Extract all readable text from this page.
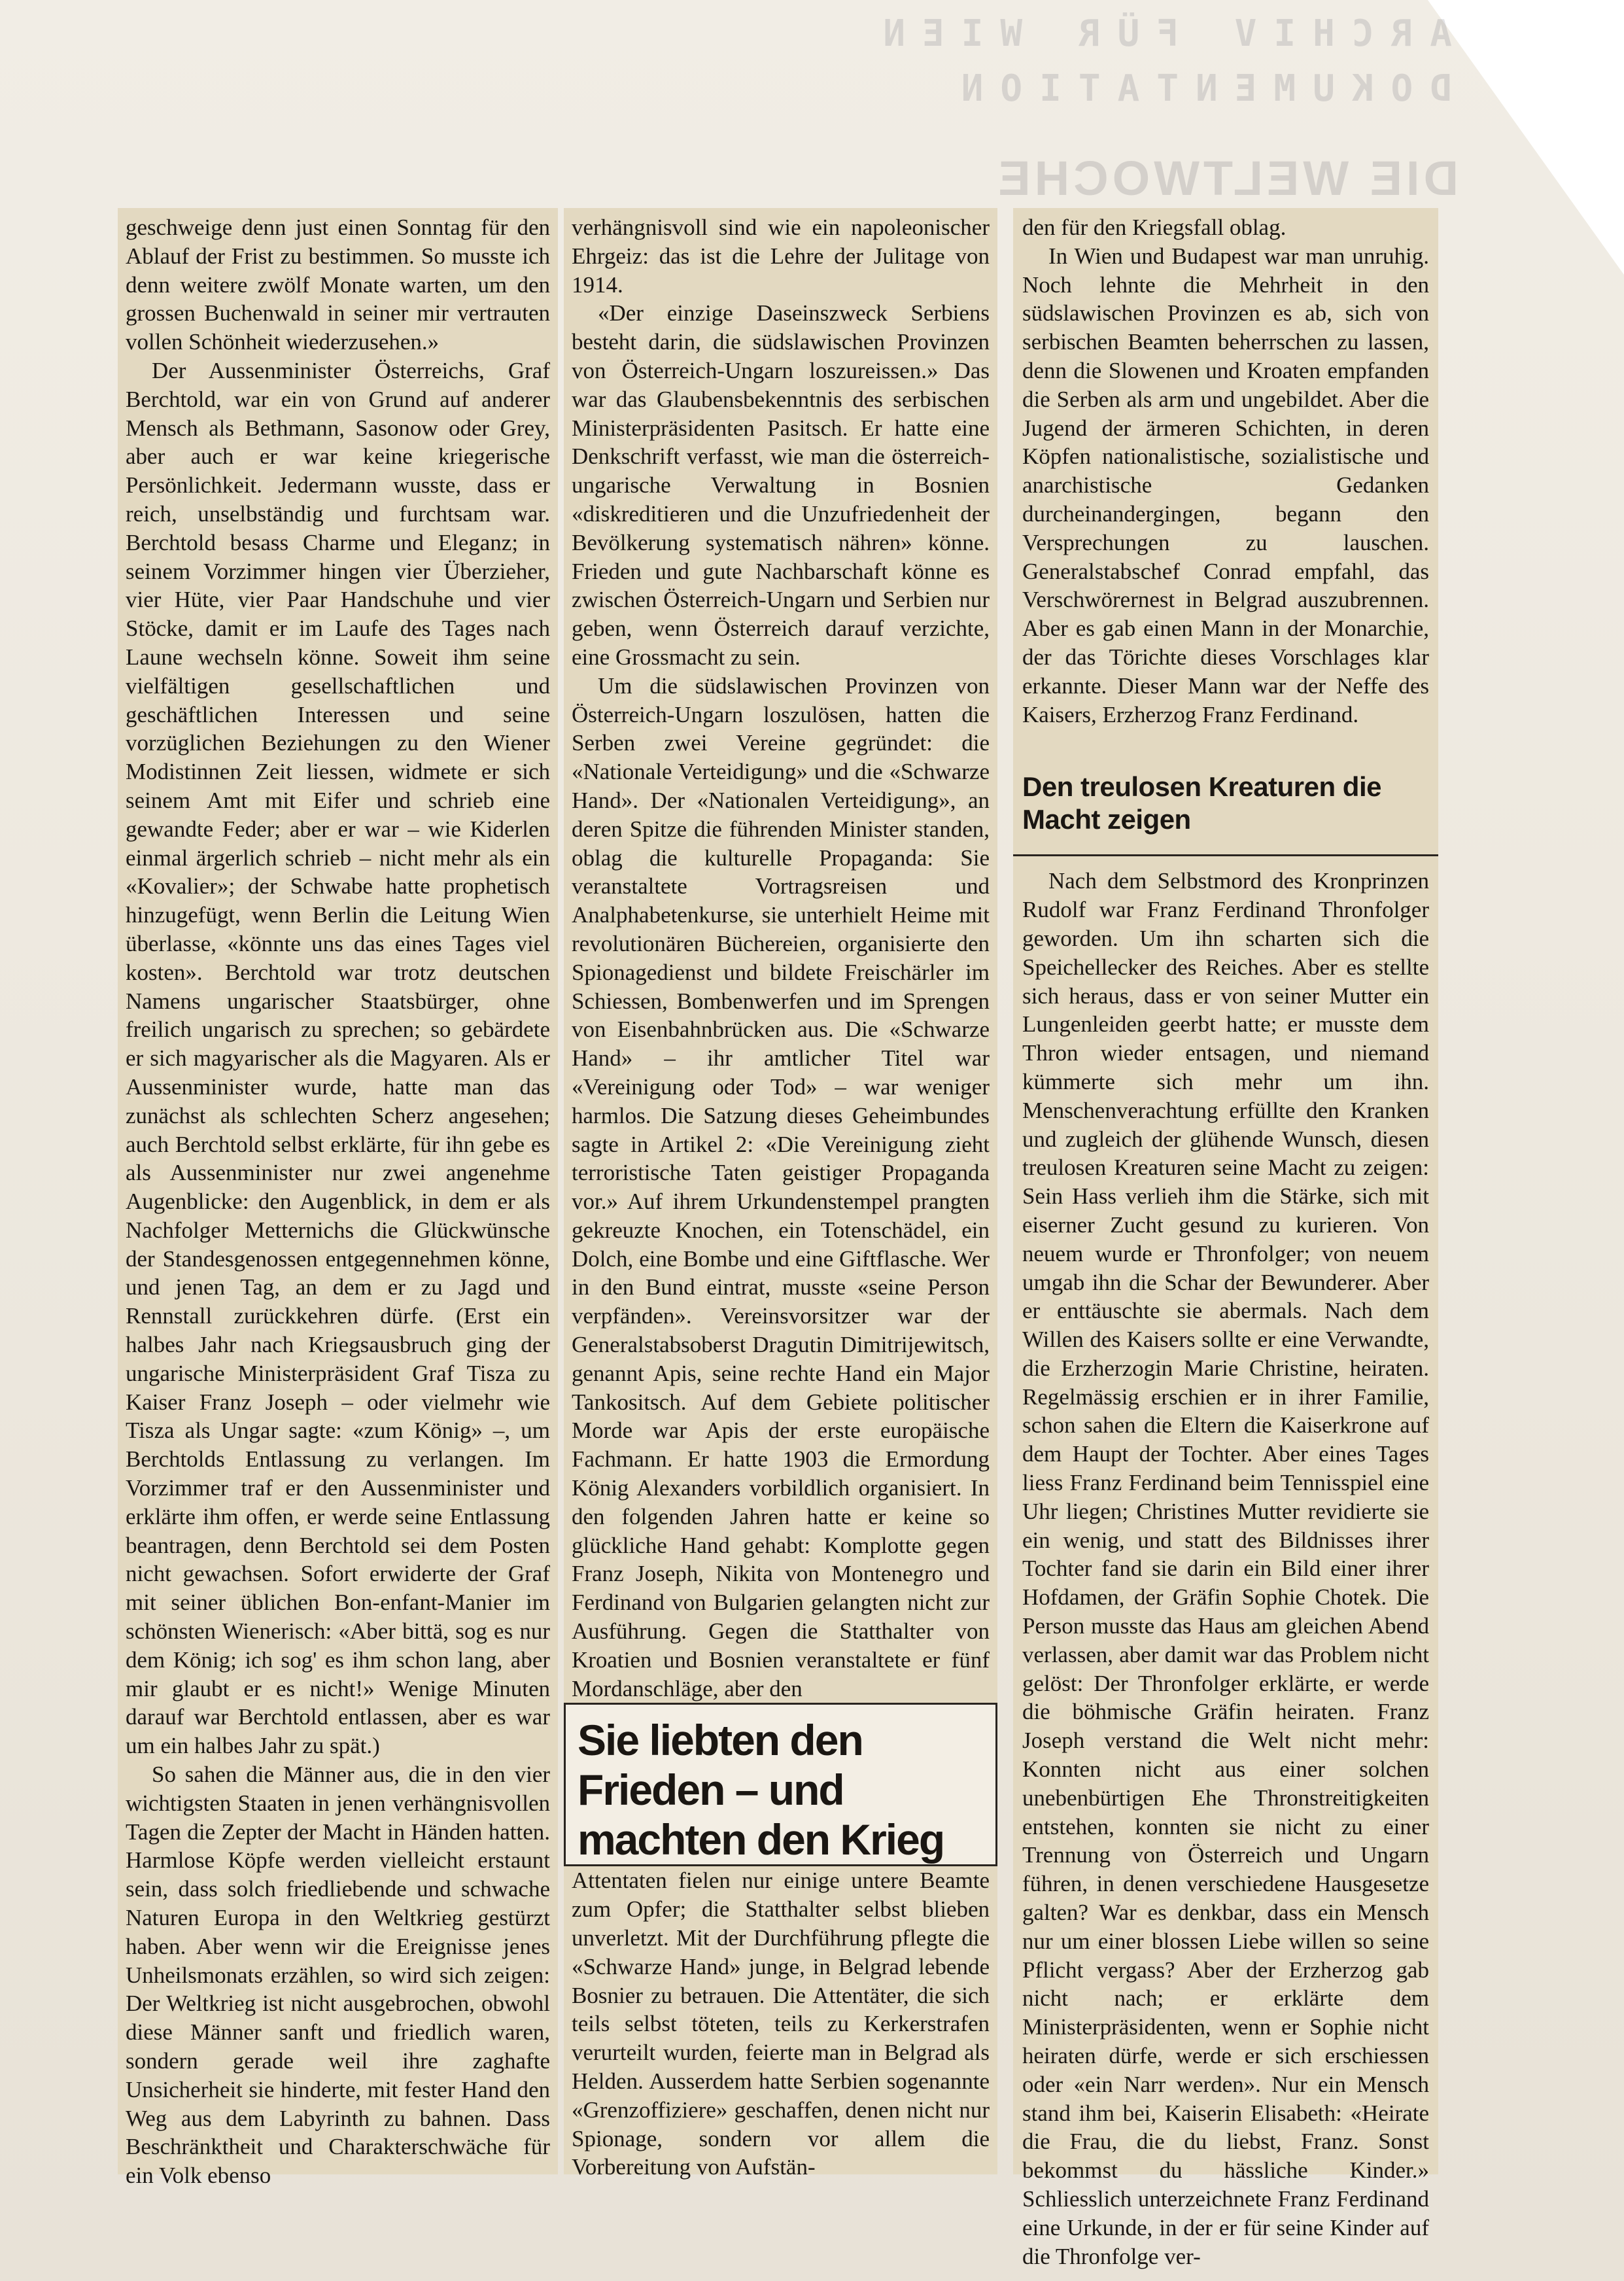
ARCHIV FÜR WIEN
DOKUMENTATION
DIE WELTWOCHE

geschweige denn just einen Sonntag für den Ablauf der Frist zu bestimmen. So musste ich denn weitere zwölf Monate warten, um den grossen Buchenwald in seiner mir vertrauten vollen Schönheit wiederzusehen.»

Der Aussenminister Österreichs, Graf Berchtold, war ein von Grund auf anderer Mensch als Bethmann, Sasonow oder Grey, aber auch er war keine kriegerische Persönlichkeit. Jedermann wusste, dass er reich, unselbständig und furchtsam war. Berchtold besass Charme und Eleganz; in seinem Vorzimmer hingen vier Überzieher, vier Hüte, vier Paar Handschuhe und vier Stöcke, damit er im Laufe des Tages nach Laune wechseln könne. Soweit ihm seine vielfältigen gesellschaftlichen und geschäftlichen Interessen und seine vorzüglichen Beziehungen zu den Wiener Modistinnen Zeit liessen, widmete er sich seinem Amt mit Eifer und schrieb eine gewandte Feder; aber er war – wie Kiderlen einmal ärgerlich schrieb – nicht mehr als ein «Kovalier»; der Schwabe hatte prophetisch hinzugefügt, wenn Berlin die Leitung Wien überlasse, «könnte uns das eines Tages viel kosten». Berchtold war trotz deutschen Namens ungarischer Staatsbürger, ohne freilich ungarisch zu sprechen; so gebärdete er sich magyarischer als die Magyaren. Als er Aussenminister wurde, hatte man das zunächst als schlechten Scherz angesehen; auch Berchtold selbst erklärte, für ihn gebe es als Aussenminister nur zwei angenehme Augenblicke: den Augenblick, in dem er als Nachfolger Metternichs die Glückwünsche der Standesgenossen entgegennehmen könne, und jenen Tag, an dem er zu Jagd und Rennstall zurückkehren dürfe. (Erst ein halbes Jahr nach Kriegsausbruch ging der ungarische Ministerpräsident Graf Tisza zu Kaiser Franz Joseph – oder vielmehr wie Tisza als Ungar sagte: «zum König» –, um Berchtolds Entlassung zu verlangen. Im Vorzimmer traf er den Aussenminister und erklärte ihm offen, er werde seine Entlassung beantragen, denn Berchtold sei dem Posten nicht gewachsen. Sofort erwiderte der Graf mit seiner üblichen Bon-enfant-Manier im schönsten Wienerisch: «Aber bittä, sog es nur dem König; ich sog' es ihm schon lang, aber mir glaubt er es nicht!» Wenige Minuten darauf war Berchtold entlassen, aber es war um ein halbes Jahr zu spät.)

So sahen die Männer aus, die in den vier wichtigsten Staaten in jenen verhängnisvollen Tagen die Zepter der Macht in Händen hatten. Harmlose Köpfe werden vielleicht erstaunt sein, dass solch friedliebende und schwache Naturen Europa in den Weltkrieg gestürzt haben. Aber wenn wir die Ereignisse jenes Unheilsmonats erzählen, so wird sich zeigen: Der Weltkrieg ist nicht ausgebrochen, obwohl diese Männer sanft und friedlich waren, sondern gerade weil ihre zaghafte Unsicherheit sie hinderte, mit fester Hand den Weg aus dem Labyrinth zu bahnen. Dass Beschränktheit und Charakterschwäche für ein Volk ebenso

verhängnisvoll sind wie ein napoleonischer Ehrgeiz: das ist die Lehre der Julitage von 1914.

«Der einzige Daseinszweck Serbiens besteht darin, die südslawischen Provinzen von Österreich-Ungarn loszureissen.» Das war das Glaubensbekenntnis des serbischen Ministerpräsidenten Pasitsch. Er hatte eine Denkschrift verfasst, wie man die österreich-ungarische Verwaltung in Bosnien «diskreditieren und die Unzufriedenheit der Bevölkerung systematisch nähren» könne. Frieden und gute Nachbarschaft könne es zwischen Österreich-Ungarn und Serbien nur geben, wenn Österreich darauf verzichte, eine Grossmacht zu sein.

Um die südslawischen Provinzen von Österreich-Ungarn loszulösen, hatten die Serben zwei Vereine gegründet: die «Nationale Verteidigung» und die «Schwarze Hand». Der «Nationalen Verteidigung», an deren Spitze die führenden Minister standen, oblag die kulturelle Propaganda: Sie veranstaltete Vortragsreisen und Analphabetenkurse, sie unterhielt Heime mit revolutionären Büchereien, organisierte den Spionagedienst und bildete Freischärler im Schiessen, Bombenwerfen und im Sprengen von Eisenbahnbrücken aus. Die «Schwarze Hand» – ihr amtlicher Titel war «Vereinigung oder Tod» – war weniger harmlos. Die Satzung dieses Geheimbundes sagte in Artikel 2: «Die Vereinigung zieht terroristische Taten geistiger Propaganda vor.» Auf ihrem Urkundenstempel prangten gekreuzte Knochen, ein Totenschädel, ein Dolch, eine Bombe und eine Giftflasche. Wer in den Bund eintrat, musste «seine Person verpfänden». Vereinsvorsitzer war der Generalstabsoberst Dragutin Dimitrijewitsch, genannt Apis, seine rechte Hand ein Major Tankositsch. Auf dem Gebiete politischer Morde war Apis der erste europäische Fachmann. Er hatte 1903 die Ermordung König Alexanders vorbildlich organisiert. In den folgenden Jahren hatte er keine so glückliche Hand gehabt: Komplotte gegen Franz Joseph, Nikita von Montenegro und Ferdinand von Bulgarien gelangten nicht zur Ausführung. Gegen die Statthalter von Kroatien und Bosnien veranstaltete er fünf Mordanschläge, aber den

Sie liebten den Frieden – und machten den Krieg

Attentaten fielen nur einige untere Beamte zum Opfer; die Statthalter selbst blieben unverletzt. Mit der Durchführung pflegte die «Schwarze Hand» junge, in Belgrad lebende Bosnier zu betrauen. Die Attentäter, die sich teils selbst töteten, teils zu Kerkerstrafen verurteilt wurden, feierte man in Belgrad als Helden. Ausserdem hatte Serbien sogenannte «Grenzoffiziere» geschaffen, denen nicht nur Spionage, sondern vor allem die Vorbereitung von Aufstän-

den für den Kriegsfall oblag.

In Wien und Budapest war man unruhig. Noch lehnte die Mehrheit in den südslawischen Provinzen es ab, sich von serbischen Beamten beherrschen zu lassen, denn die Slowenen und Kroaten empfanden die Serben als arm und ungebildet. Aber die Jugend der ärmeren Schichten, in deren Köpfen nationalistische, sozialistische und anarchistische Gedanken durcheinandergingen, begann den Versprechungen zu lauschen. Generalstabschef Conrad empfahl, das Verschwörernest in Belgrad auszubrennen. Aber es gab einen Mann in der Monarchie, der das Törichte dieses Vorschlages klar erkannte. Dieser Mann war der Neffe des Kaisers, Erzherzog Franz Ferdinand.

Den treulosen Kreaturen die Macht zeigen

Nach dem Selbstmord des Kronprinzen Rudolf war Franz Ferdinand Thronfolger geworden. Um ihn scharten sich die Speichellecker des Reiches. Aber es stellte sich heraus, dass er von seiner Mutter ein Lungenleiden geerbt hatte; er musste dem Thron wieder entsagen, und niemand kümmerte sich mehr um ihn. Menschenverachtung erfüllte den Kranken und zugleich der glühende Wunsch, diesen treulosen Kreaturen seine Macht zu zeigen: Sein Hass verlieh ihm die Stärke, sich mit eiserner Zucht gesund zu kurieren. Von neuem wurde er Thronfolger; von neuem umgab ihn die Schar der Bewunderer. Aber er enttäuschte sie abermals. Nach dem Willen des Kaisers sollte er eine Verwandte, die Erzherzogin Marie Christine, heiraten. Regelmässig erschien er in ihrer Familie, schon sahen die Eltern die Kaiserkrone auf dem Haupt der Tochter. Aber eines Tages liess Franz Ferdinand beim Tennisspiel eine Uhr liegen; Christines Mutter revidierte sie ein wenig, und statt des Bildnisses ihrer Tochter fand sie darin ein Bild einer ihrer Hofdamen, der Gräfin Sophie Chotek. Die Person musste das Haus am gleichen Abend verlassen, aber damit war das Problem nicht gelöst: Der Thronfolger erklärte, er werde die böhmische Gräfin heiraten. Franz Joseph verstand die Welt nicht mehr: Konnten nicht aus einer solchen unebenbürtigen Ehe Thronstreitigkeiten entstehen, konnten sie nicht zu einer Trennung von Österreich und Ungarn führen, in denen verschiedene Hausgesetze galten? War es denkbar, dass ein Mensch nur um einer blossen Liebe willen so seine Pflicht vergass? Aber der Erzherzog gab nicht nach; er erklärte dem Ministerpräsidenten, wenn er Sophie nicht heiraten dürfe, werde er sich erschiessen oder «ein Narr werden». Nur ein Mensch stand ihm bei, Kaiserin Elisabeth: «Heirate die Frau, die du liebst, Franz. Sonst bekommst du hässliche Kinder.» Schliesslich unterzeichnete Franz Ferdinand eine Urkunde, in der er für seine Kinder auf die Thronfolge ver-
